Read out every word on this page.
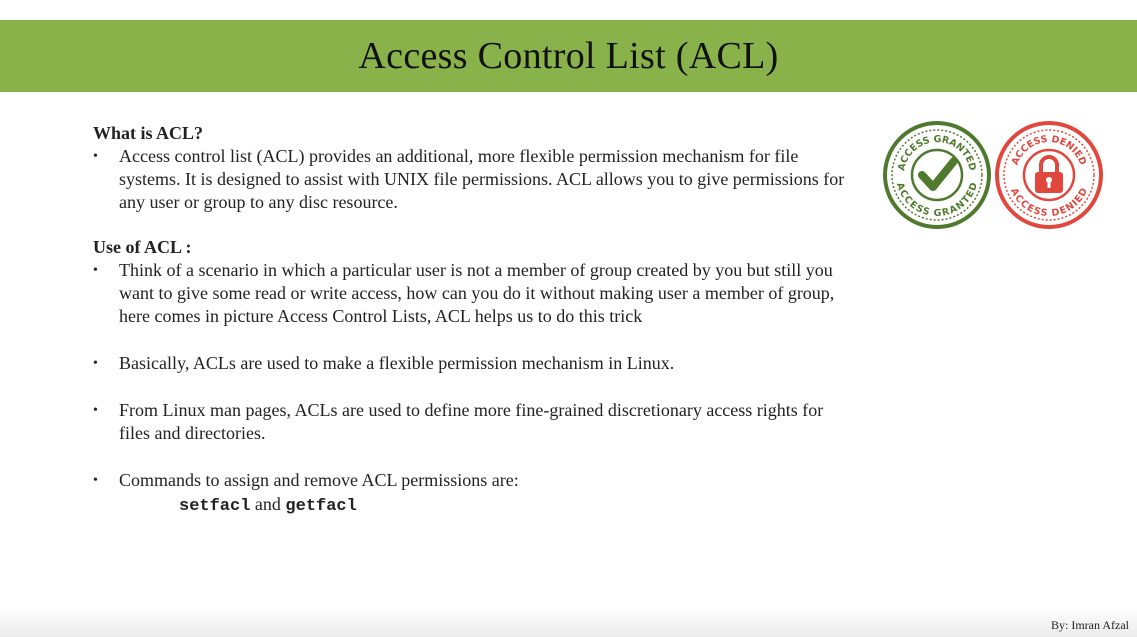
Access Control List (ACL)
What is ACL?
•	Access control list (ACL) provides an additional, more flexible permission mechanism for file systems. It is designed to assist with UNIX file permissions. ACL allows you to give permissions for any user or group to any disc resource.
Use of ACL :
•	Think of a scenario in which a particular user is not a member of group created by you but still you want to give some read or write access, how can you do it without making user a member of group, here comes in picture Access Control Lists, ACL helps us to do this trick
•	Basically, ACLs are used to make a flexible permission mechanism in Linux.
•	From Linux man pages, ACLs are used to define more fine-grained discretionary access rights for files and directories.
•	Commands to assign and remove ACL permissions are:
setfacl and getfacl
ACCESS GRANTED
ACCESS GRANTED
ACCESS DENIED
ACCESS DENIED
By: Imran Afzal
